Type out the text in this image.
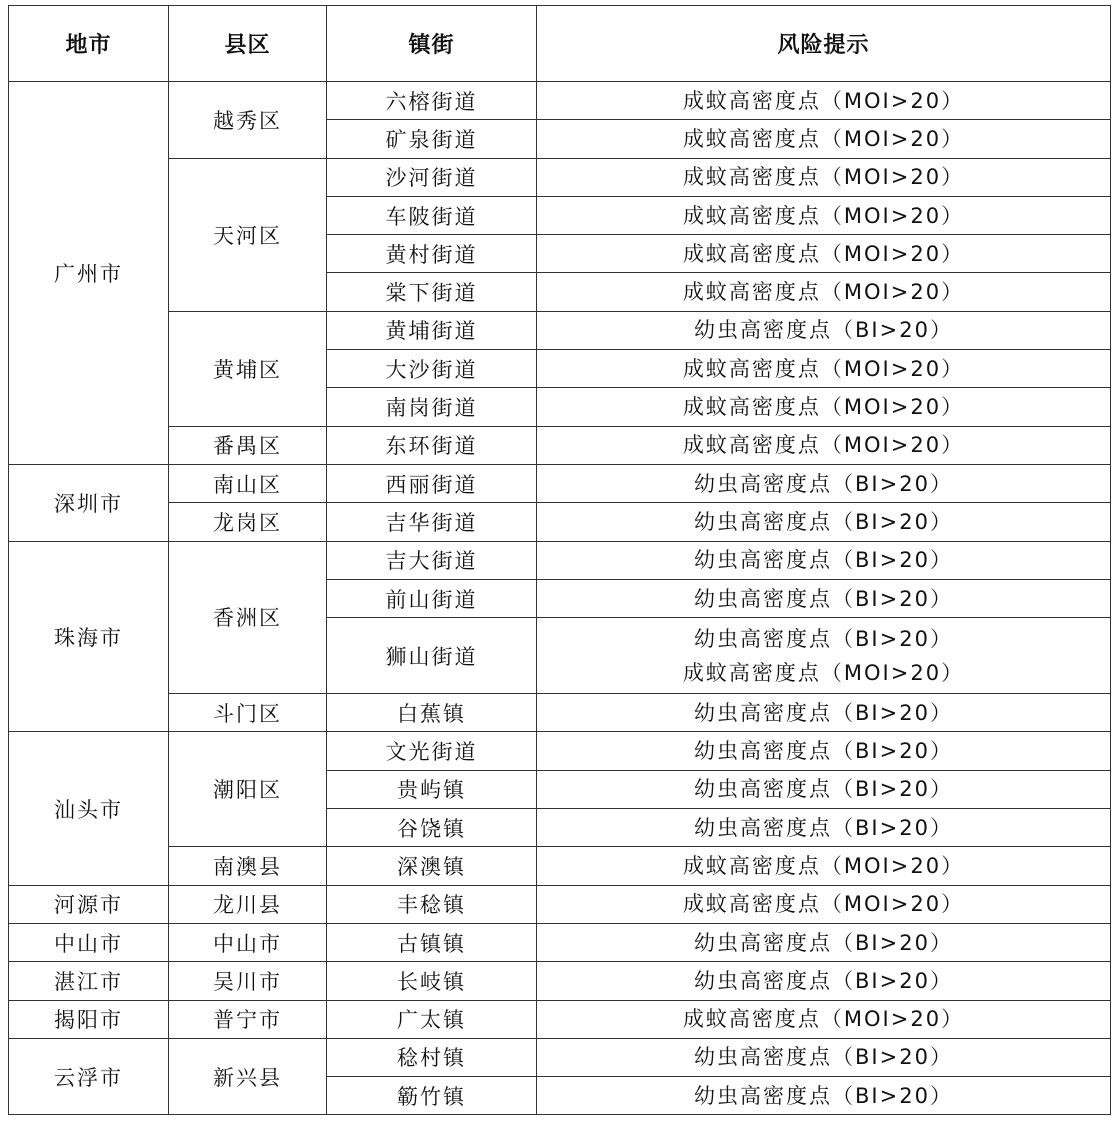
地市	县区	镇街	风险提示
广州市	越秀区	六榕街道	成蚊高密度点（MOI>20）

		矿泉街道	成蚊高密度点（MOI>20）

	天河区	沙河街道	成蚊高密度点（MOI>20）

		车陂街道	成蚊高密度点（MOI>20）

		黄村街道	成蚊高密度点（MOI>20）

		棠下街道	成蚊高密度点（MOI>20）

	黄埔区	黄埔街道	幼虫高密度点（BI>20）

		大沙街道	成蚊高密度点（MOI>20）

		南岗街道	成蚊高密度点（MOI>20）

	番禺区	东环街道	成蚊高密度点（MOI>20）

深圳市	南山区	西丽街道	幼虫高密度点（BI>20）

	龙岗区	吉华街道	幼虫高密度点（BI>20）

珠海市	香洲区	吉大街道	幼虫高密度点（BI>20）

		前山街道	幼虫高密度点（BI>20）

		狮山街道	幼虫高密度点（BI>20）
成蚊高密度点（MOI>20）

	斗门区	白蕉镇	幼虫高密度点（BI>20）

汕头市	潮阳区	文光街道	幼虫高密度点（BI>20）

		贵屿镇	幼虫高密度点（BI>20）

		谷饶镇	幼虫高密度点（BI>20）

	南澳县	深澳镇	成蚊高密度点（MOI>20）

河源市	龙川县	丰稔镇	成蚊高密度点（MOI>20）

中山市	中山市	古镇镇	幼虫高密度点（BI>20）

湛江市	吴川市	长岐镇	幼虫高密度点（BI>20）

揭阳市	普宁市	广太镇	成蚊高密度点（MOI>20）

云浮市	新兴县	稔村镇	幼虫高密度点（BI>20）

		簕竹镇	幼虫高密度点（BI>20）
